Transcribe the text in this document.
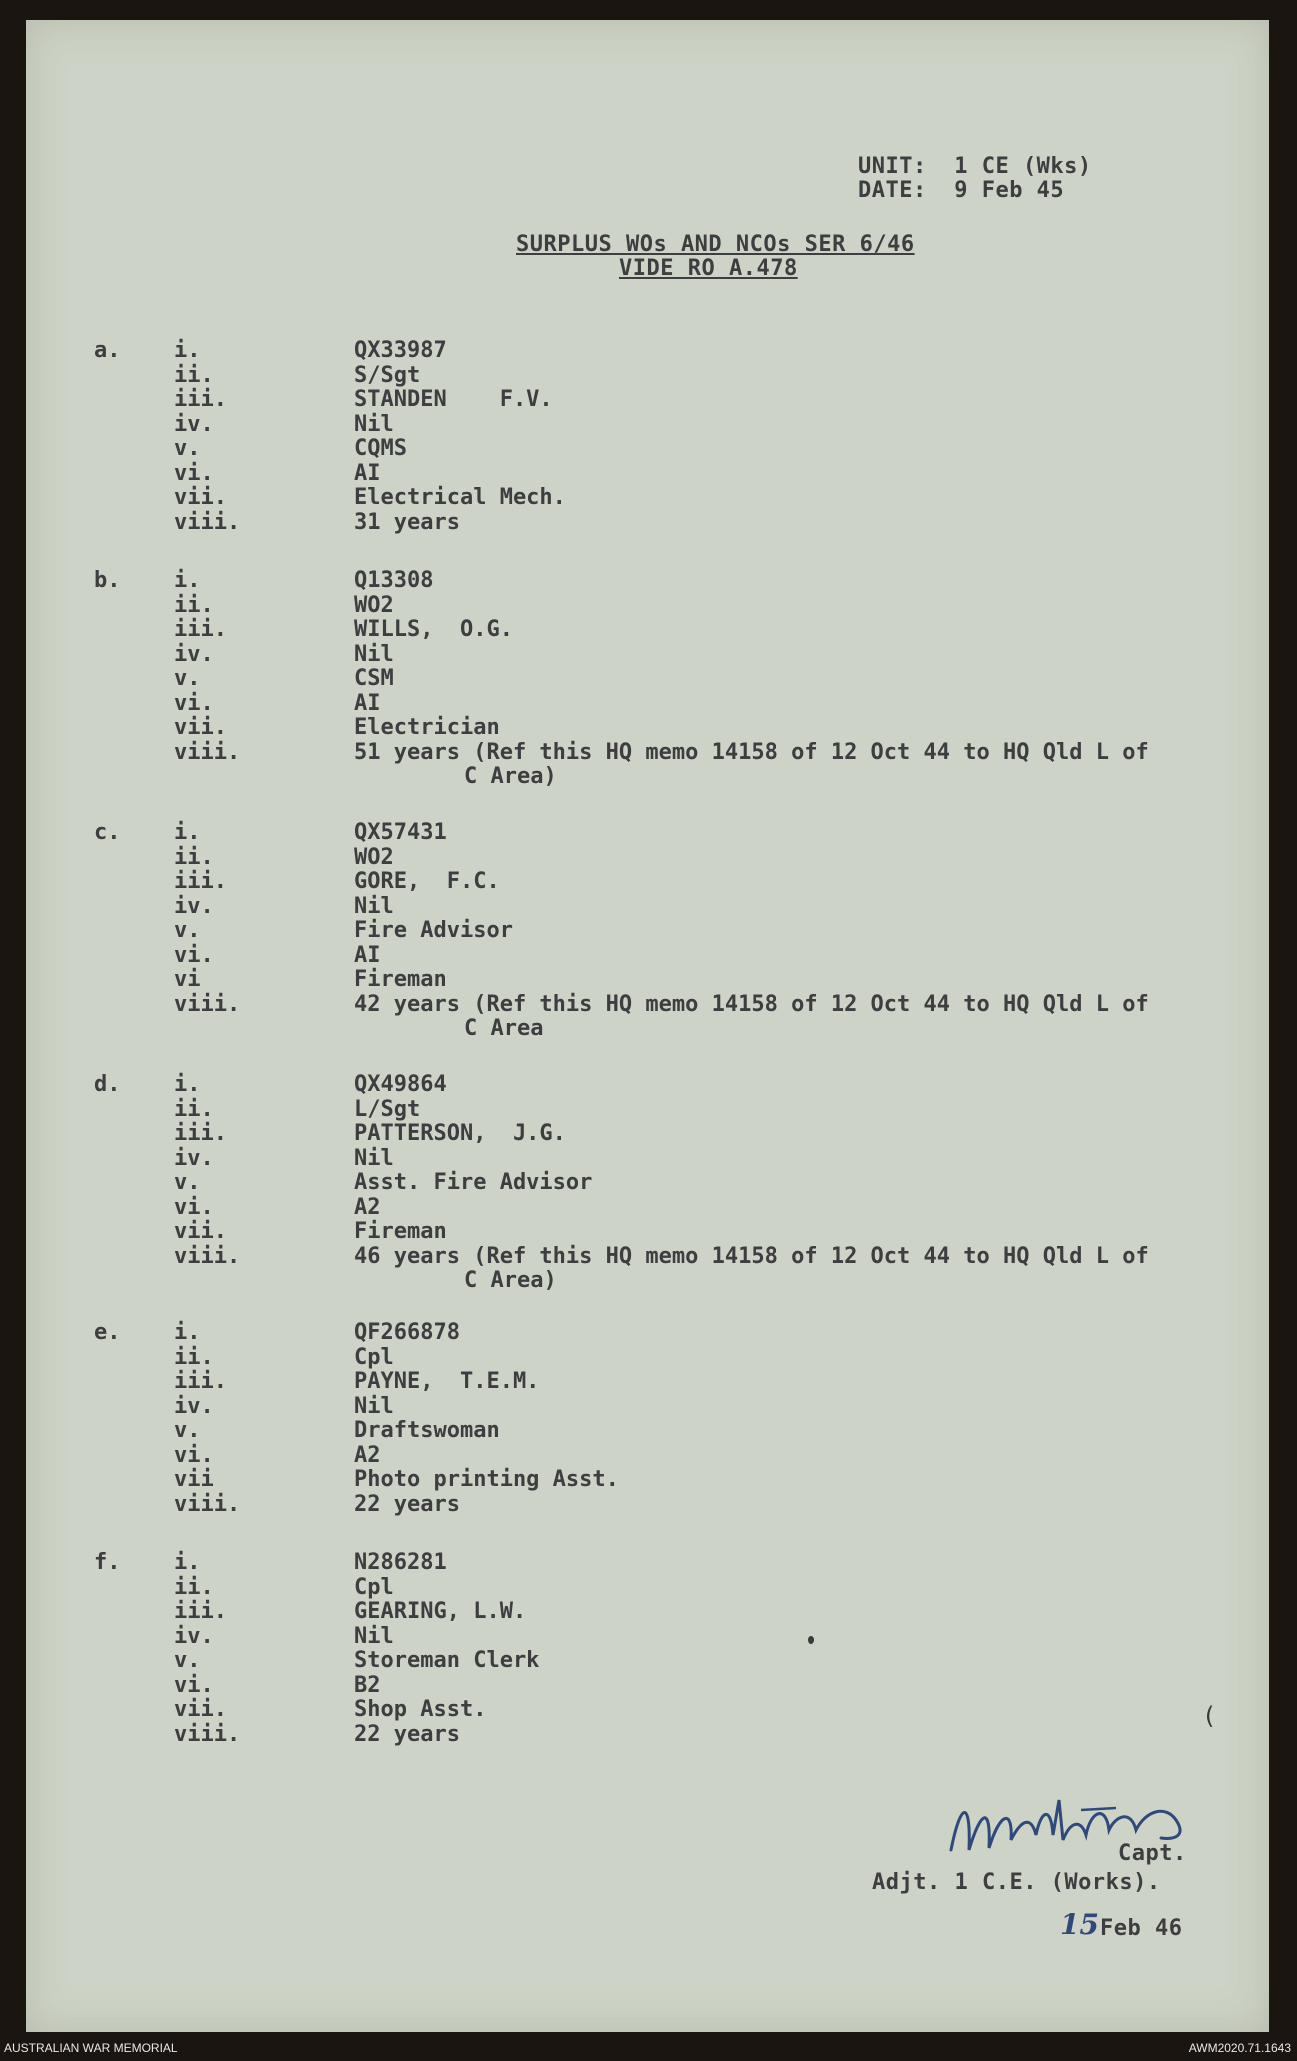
UNIT:  1 CE (Wks)
DATE:  9 Feb 45
SURPLUS WOs AND NCOs SER 6/46
VIDE RO A.478
a. i.	QX33987
ii.	S/Sgt
iii.	STANDEN    F.V.
iv.	Nil
v.	CQMS
vi.	AI
vii.	Electrical Mech.
viii.	31 years
b. i.	Q13308
ii.	WO2
iii.	WILLS,  O.G.
iv.	Nil
v.	CSM
vi.	AI
vii.	Electrician
viii.	51 years (Ref this HQ memo 14158 of 12 Oct 44 to HQ Qld L of
C Area)
c. i.	QX57431
ii.	WO2
iii.	GORE,  F.C.
iv.	Nil
v.	Fire Advisor
vi.	AI
vi	Fireman
viii.	42 years (Ref this HQ memo 14158 of 12 Oct 44 to HQ Qld L of
C Area
d. i.	QX49864
ii.	L/Sgt
iii.	PATTERSON,  J.G.
iv.	Nil
v.	Asst. Fire Advisor
vi.	A2
vii.	Fireman
viii.	46 years (Ref this HQ memo 14158 of 12 Oct 44 to HQ Qld L of
C Area)
e. i.	QF266878
ii.	Cpl
iii.	PAYNE,  T.E.M.
iv.	Nil
v.	Draftswoman
vi.	A2
vii	Photo printing Asst.
viii.	22 years
f. i.	N286281
ii.	Cpl
iii.	GEARING, L.W.
iv.	Nil
v.	Storeman Clerk
vi.	B2
vii.	Shop Asst.
viii.	22 years
Capt.
Adjt. 1 C.E. (Works).
Feb 46
15
(
AUSTRALIAN WAR MEMORIAL	AWM2020.71.1643
